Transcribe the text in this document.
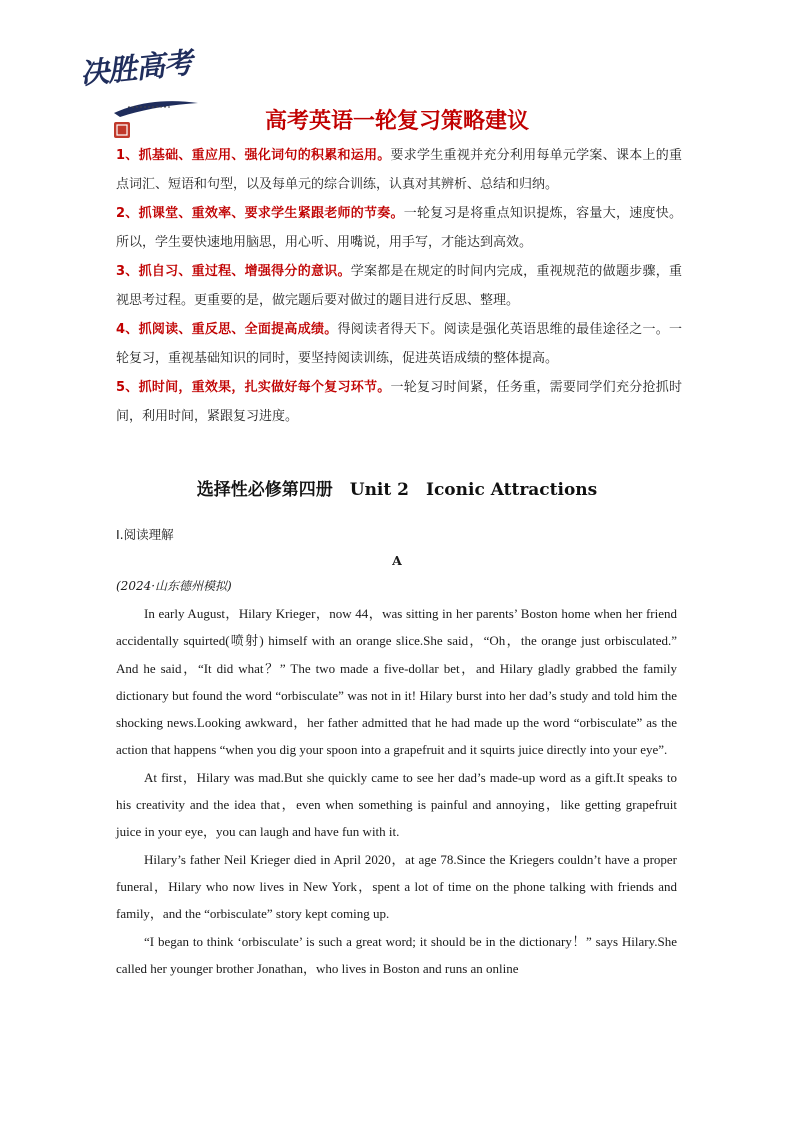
决胜高考
高考英语一轮复习策略建议

1、抓基础、重应用、强化词句的积累和运用。要求学生重视并充分利用每单元学案、课本上的重点词汇、短语和句型，以及每单元的综合训练，认真对其辨析、总结和归纳。

2、抓课堂、重效率、要求学生紧跟老师的节奏。一轮复习是将重点知识提炼，容量大，速度快。所以，学生要快速地用脑思，用心听、用嘴说，用手写，才能达到高效。

3、抓自习、重过程、增强得分的意识。学案都是在规定的时间内完成，重视规范的做题步骤，重视思考过程。更重要的是，做完题后要对做过的题目进行反思、整理。

4、抓阅读、重反思、全面提高成绩。得阅读者得天下。阅读是强化英语思维的最佳途径之一。一轮复习，重视基础知识的同时，要坚持阅读训练，促进英语成绩的整体提高。

5、抓时间，重效果，扎实做好每个复习环节。一轮复习时间紧，任务重，需要同学们充分抢抓时间，利用时间，紧跟复习进度。

选择性必修第四册　Unit 2　Iconic Attractions
Ⅰ.阅读理解
A
(2024·山东德州模拟)

In early August，Hilary Krieger，now 44，was sitting in her parents’ Boston home when her friend accidentally squirted(喷射) himself with an orange slice.She said，“Oh，the orange just orbisculated.” And he said，“It did what？” The two made a five-dollar bet，and Hilary gladly grabbed the family dictionary but found the word “orbisculate” was not in it! Hilary burst into her dad’s study and told him the shocking news.Looking awkward，her father admitted that he had made up the word “orbisculate” as the action that happens “when you dig your spoon into a grapefruit and it squirts juice directly into your eye”.

At first，Hilary was mad.But she quickly came to see her dad’s made-up word as a gift.It speaks to his creativity and the idea that，even when something is painful and annoying，like getting grapefruit juice in your eye，you can laugh and have fun with it.

Hilary’s father Neil Krieger died in April 2020，at age 78.Since the Kriegers couldn’t have a proper funeral，Hilary who now lives in New York，spent a lot of time on the phone talking with friends and family，and the “orbisculate” story kept coming up.

“I began to think ‘orbisculate’ is such a great word; it should be in the dictionary！” says Hilary.She called her younger brother Jonathan，who lives in Boston and runs an online
